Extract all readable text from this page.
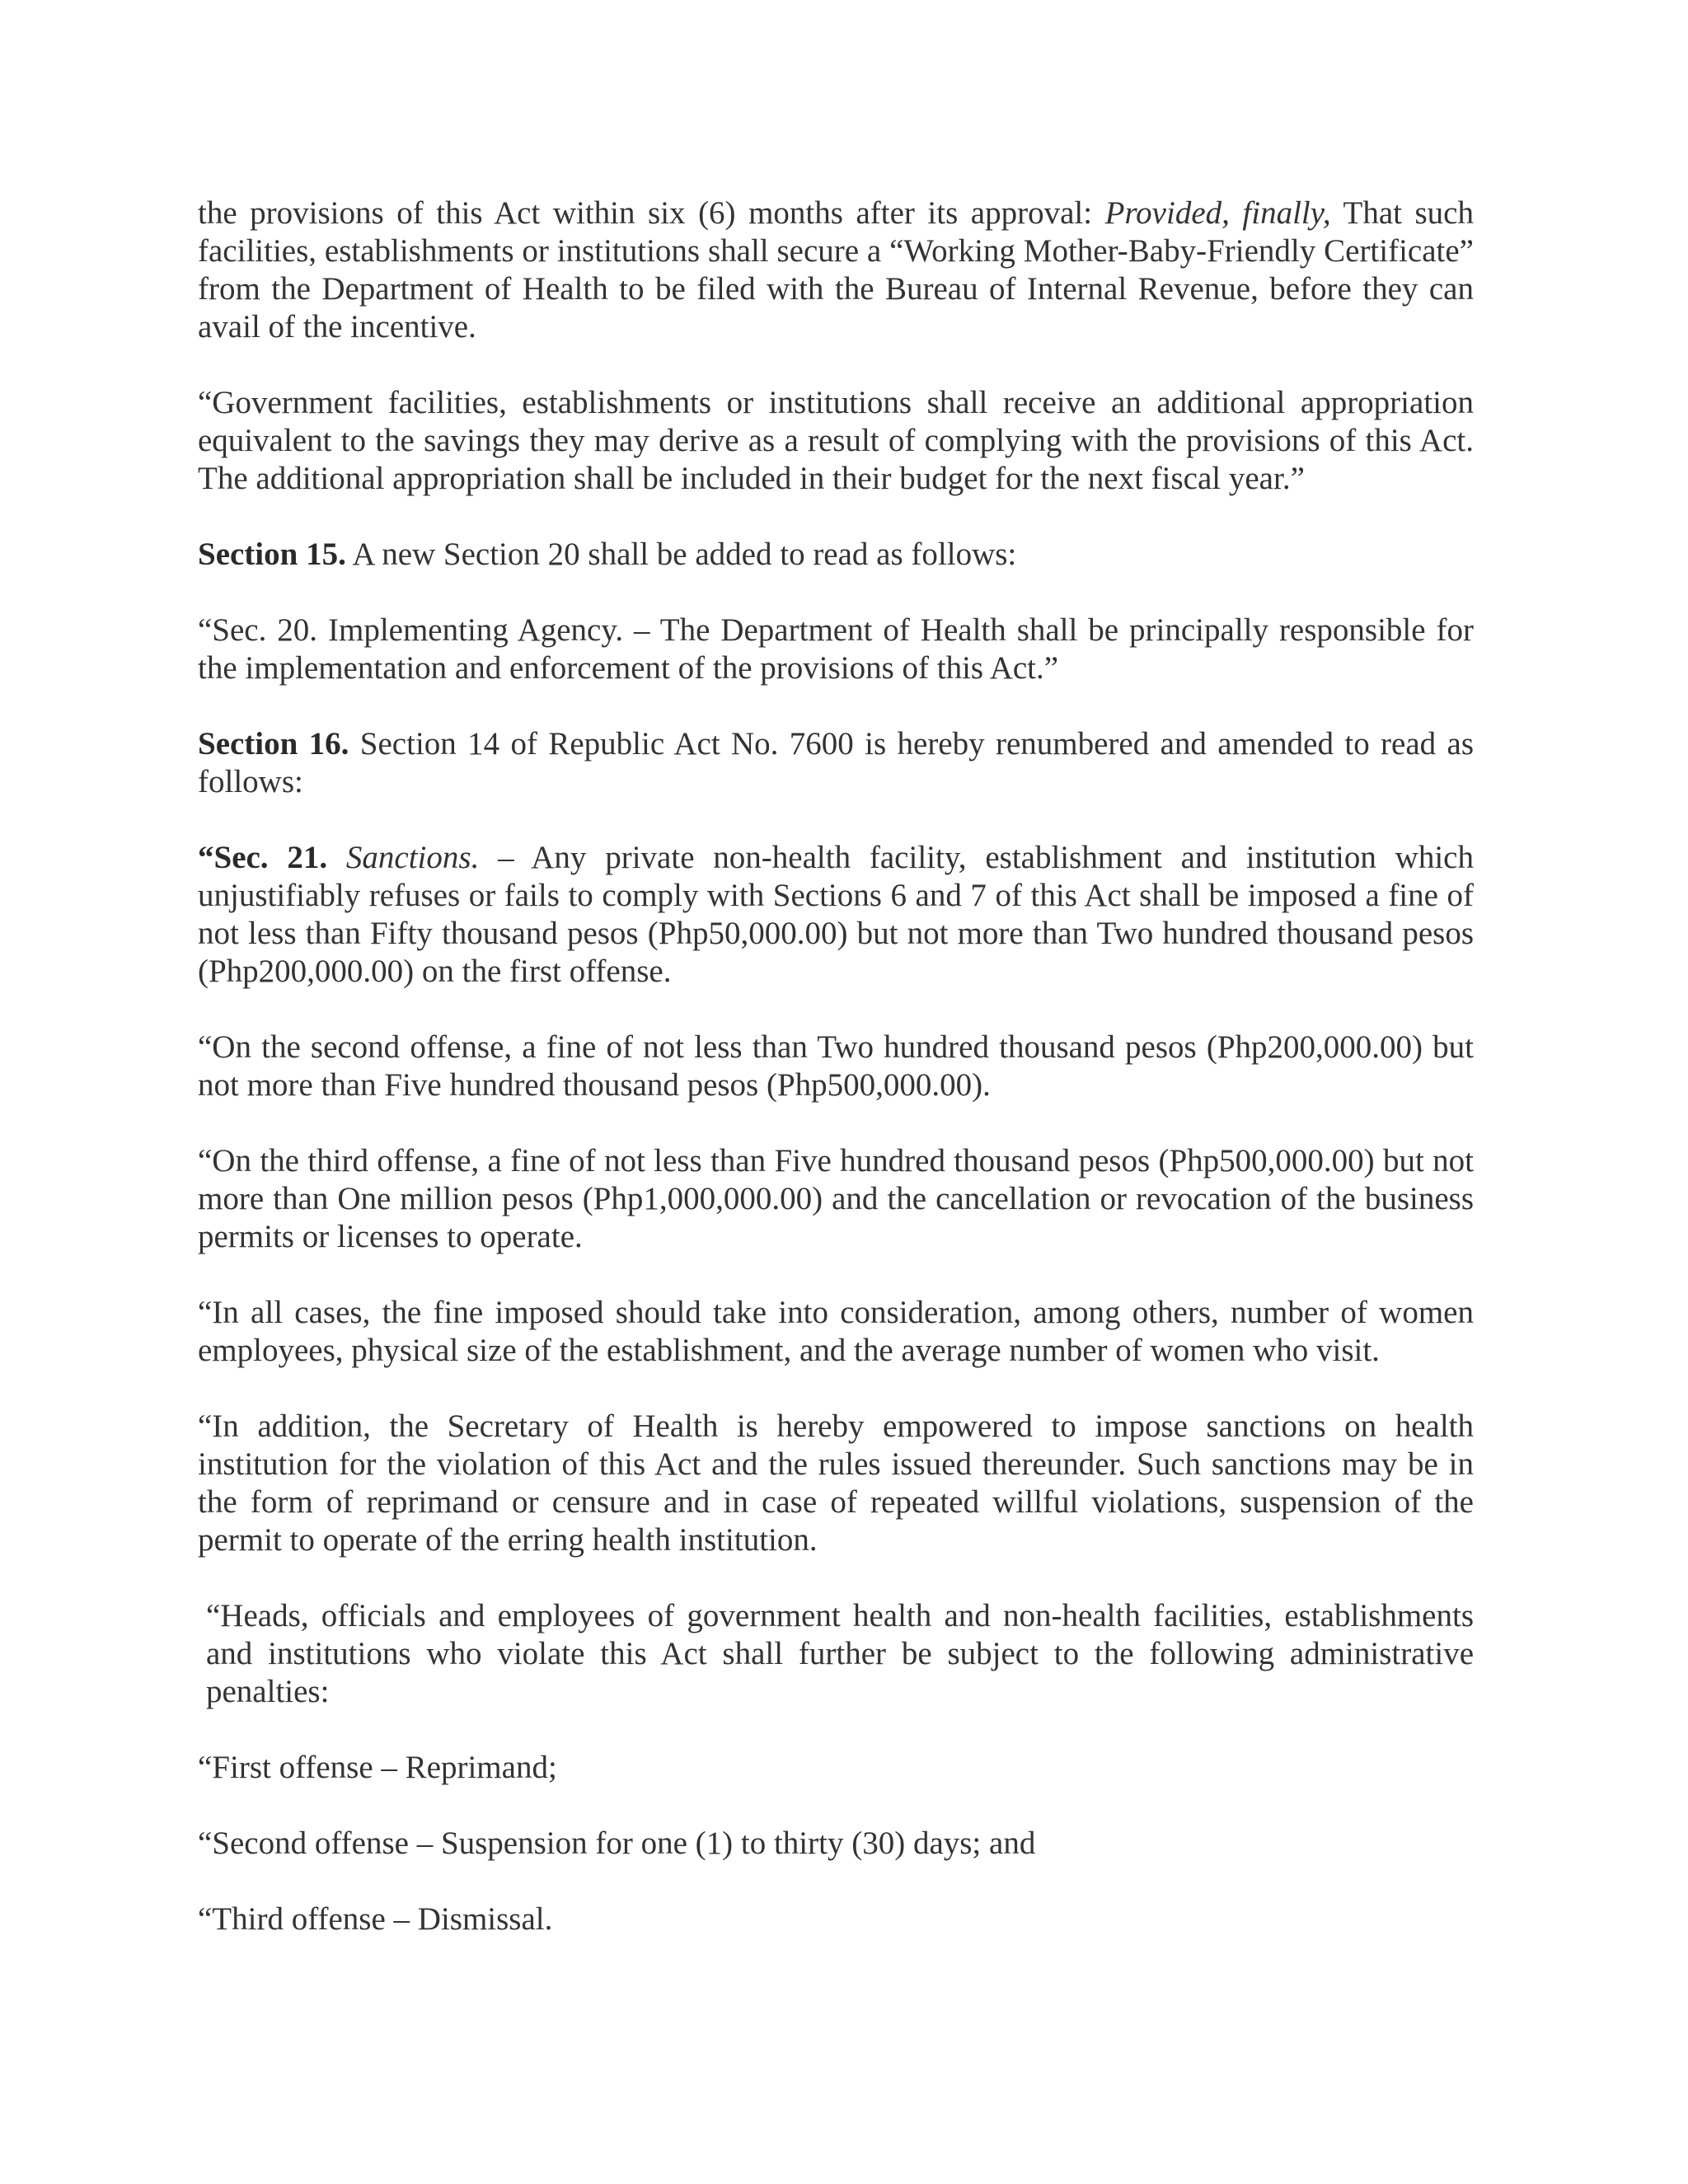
the provisions of this Act within six (6) months after its approval: Provided, finally, That such facilities, establishments or institutions shall secure a “Working Mother-Baby-Friendly Certificate” from the Department of Health to be filed with the Bureau of Internal Revenue, before they can avail of the incentive.

“Government facilities, establishments or institutions shall receive an additional appropriation equivalent to the savings they may derive as a result of complying with the provisions of this Act. The additional appropriation shall be included in their budget for the next fiscal year.”

Section 15. A new Section 20 shall be added to read as follows:

“Sec. 20. Implementing Agency. – The Department of Health shall be principally responsible for the implementation and enforcement of the provisions of this Act.”

Section 16. Section 14 of Republic Act No. 7600 is hereby renumbered and amended to read as follows:

“Sec. 21. Sanctions. – Any private non-health facility, establishment and institution which unjustifiably refuses or fails to comply with Sections 6 and 7 of this Act shall be imposed a fine of not less than Fifty thousand pesos (Php50,000.00) but not more than Two hundred thousand pesos (Php200,000.00) on the first offense.

“On the second offense, a fine of not less than Two hundred thousand pesos (Php200,000.00) but not more than Five hundred thousand pesos (Php500,000.00).

“On the third offense, a fine of not less than Five hundred thousand pesos (Php500,000.00) but not more than One million pesos (Php1,000,000.00) and the cancellation or revocation of the business permits or licenses to operate.

“In all cases, the fine imposed should take into consideration, among others, number of women employees, physical size of the establishment, and the average number of women who visit.

“In addition, the Secretary of Health is hereby empowered to impose sanctions on health institution for the violation of this Act and the rules issued thereunder. Such sanctions may be in the form of reprimand or censure and in case of repeated willful violations, suspension of the permit to operate of the erring health institution.

“Heads, officials and employees of government health and non-health facilities, establishments and institutions who violate this Act shall further be subject to the following administrative penalties:

“First offense – Reprimand;

“Second offense – Suspension for one (1) to thirty (30) days; and

“Third offense – Dismissal.
